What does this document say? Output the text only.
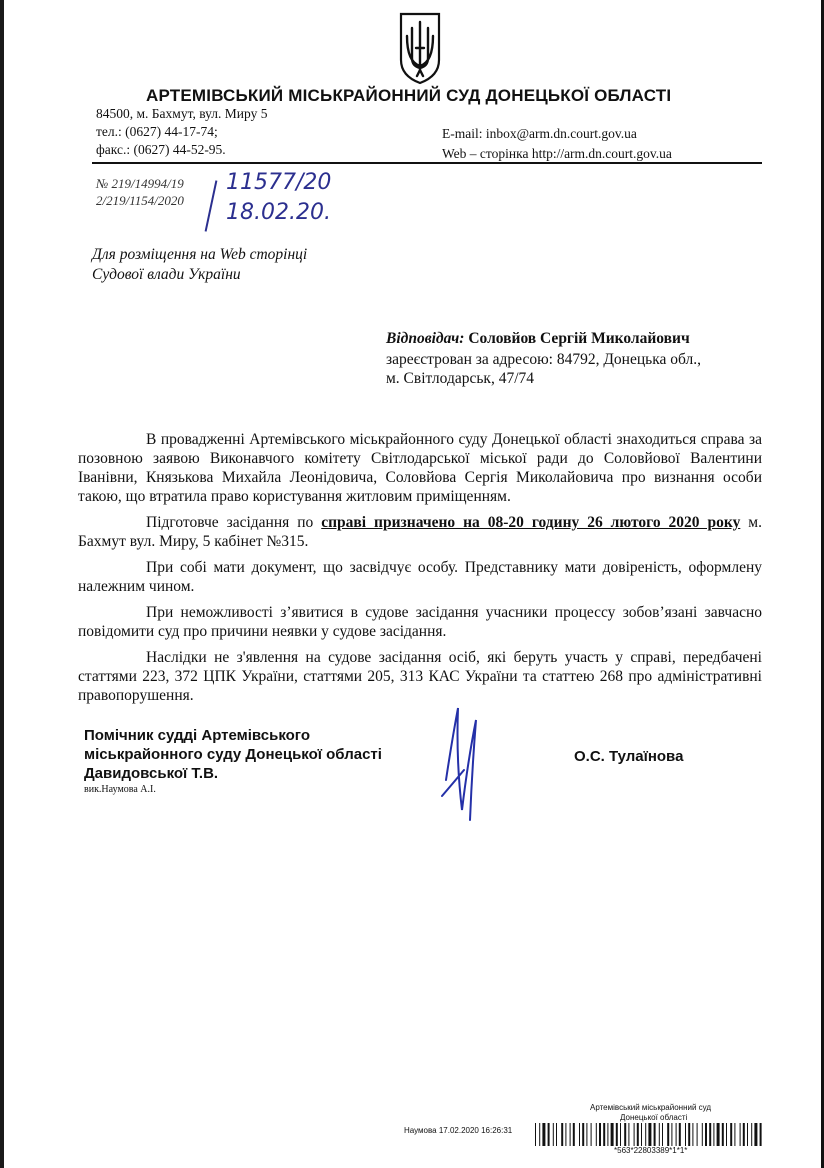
АРТЕМІВСЬКИЙ МІСЬКРАЙОННИЙ СУД ДОНЕЦЬКОЇ ОБЛАСТІ
84500, м. Бахмут, вул. Миру 5
тел.: (0627) 44-17-74;
факс.: (0627) 44-52-95.
E-mail: inbox@arm.dn.court.gov.ua
Web – сторінка http://arm.dn.court.gov.ua
№ 219/14994/19
2/219/1154/2020
11577/20
18.02.20.
Для розміщення на Web сторінці
Судової влади України
Відповідач: Соловйов Сергій Миколайович
зареєстрован за адресою: 84792, Донецька обл.,
м. Світлодарськ, 47/74

В провадженні Артемівського міськрайонного суду Донецької області знаходиться справа за позовною заявою Виконавчого комітету Світлодарської міської ради до Соловйової Валентини Іванівни, Князькова Михайла Леонідовича, Соловйова Сергія Миколайовича про визнання особи такою, що втратила право користування житловим приміщенням.

Підготовче засідання по справі призначено на 08-20 годину 26 лютого 2020 року м. Бахмут вул. Миру, 5 кабінет №315.

При собі мати документ, що засвідчує особу. Представнику мати довіреність, оформлену належним чином.

При неможливості з’явитися в судове засідання учасники процессу зобов’язані завчасно повідомити суд про причини неявки у судове засідання.

Наслідки не з'явлення на судове засідання осіб, які беруть участь у справі, передбачені статтями 223, 372 ЦПК України, статтями 205, 313 КАС України та статтею 268 про адміністративні правопорушення.

Помічник судді Артемівського
міськрайонного суду Донецької області
Давидовської Т.В.
вик.Наумова А.І.
О.С. Тулаїнова
Артемівський міськрайонний суд
Донецької області
Наумова 17.02.2020 16:26:31
*563*22803389*1*1*
